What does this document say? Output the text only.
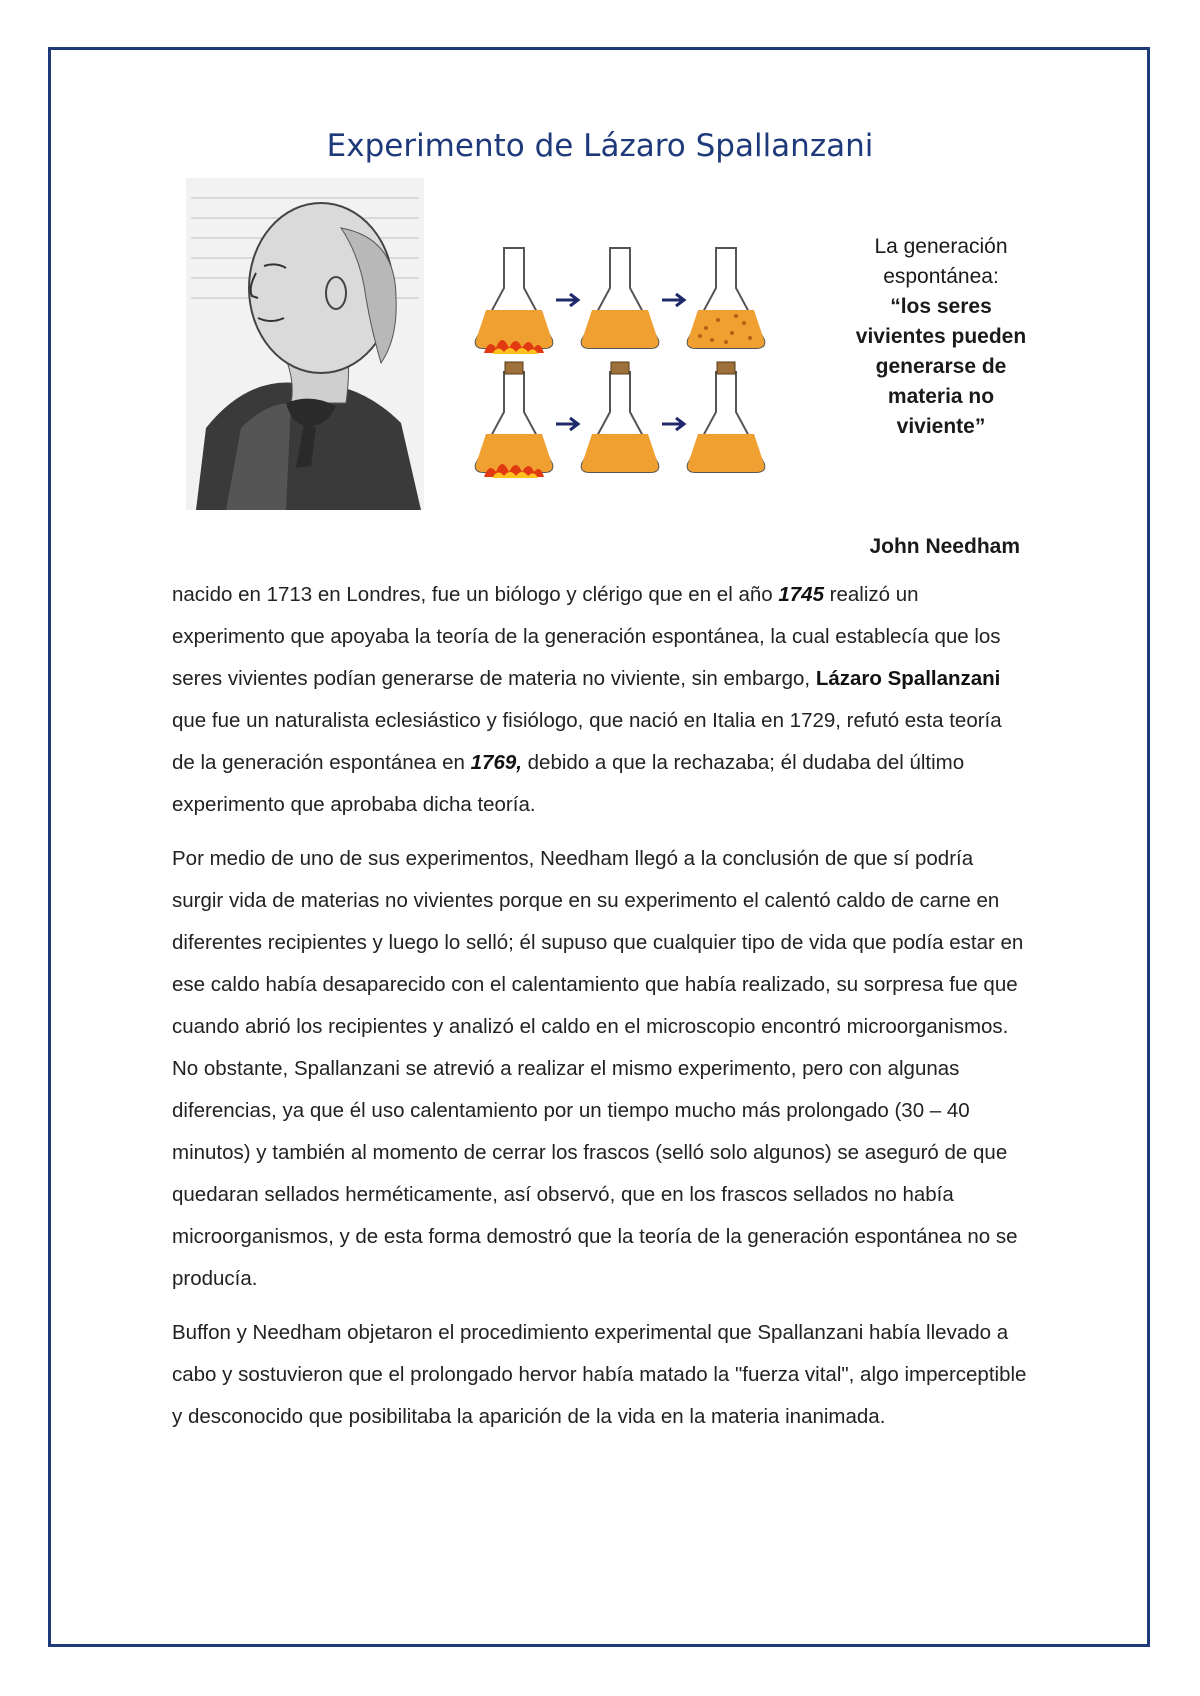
Experimento de Lázaro Spallanzani
La generación espontánea:
“los seres vivientes pueden generarse de materia no viviente”
John Needham

nacido en 1713 en Londres, fue un biólogo y clérigo que en el año 1745 realizó un experimento que apoyaba la teoría de la generación espontánea, la cual establecía que los seres vivientes podían generarse de materia no viviente, sin embargo, Lázaro Spallanzani que fue un naturalista eclesiástico y fisiólogo, que nació en Italia en 1729, refutó esta teoría de la generación espontánea en 1769, debido a que la rechazaba; él dudaba del último experimento que aprobaba dicha teoría.

Por medio de uno de sus experimentos, Needham llegó a la conclusión de que sí podría surgir vida de materias no vivientes porque en su experimento el calentó caldo de carne en diferentes recipientes y luego lo selló; él supuso que cualquier tipo de vida que podía estar en ese caldo había desaparecido con el calentamiento que había realizado, su sorpresa fue que cuando abrió los recipientes y analizó el caldo en el microscopio encontró microorganismos. No obstante, Spallanzani se atrevió a realizar el mismo experimento, pero con algunas diferencias, ya que él uso calentamiento por un tiempo mucho más prolongado (30 – 40 minutos) y también al momento de cerrar los frascos (selló solo algunos) se aseguró de que quedaran sellados herméticamente, así observó, que en los frascos sellados no había microorganismos, y de esta forma demostró que la teoría de la generación espontánea no se producía.

Buffon y Needham objetaron el procedimiento experimental que Spallanzani había llevado a cabo y sostuvieron que el prolongado hervor había matado la "fuerza vital", algo imperceptible y desconocido que posibilitaba la aparición de la vida en la materia inanimada.
